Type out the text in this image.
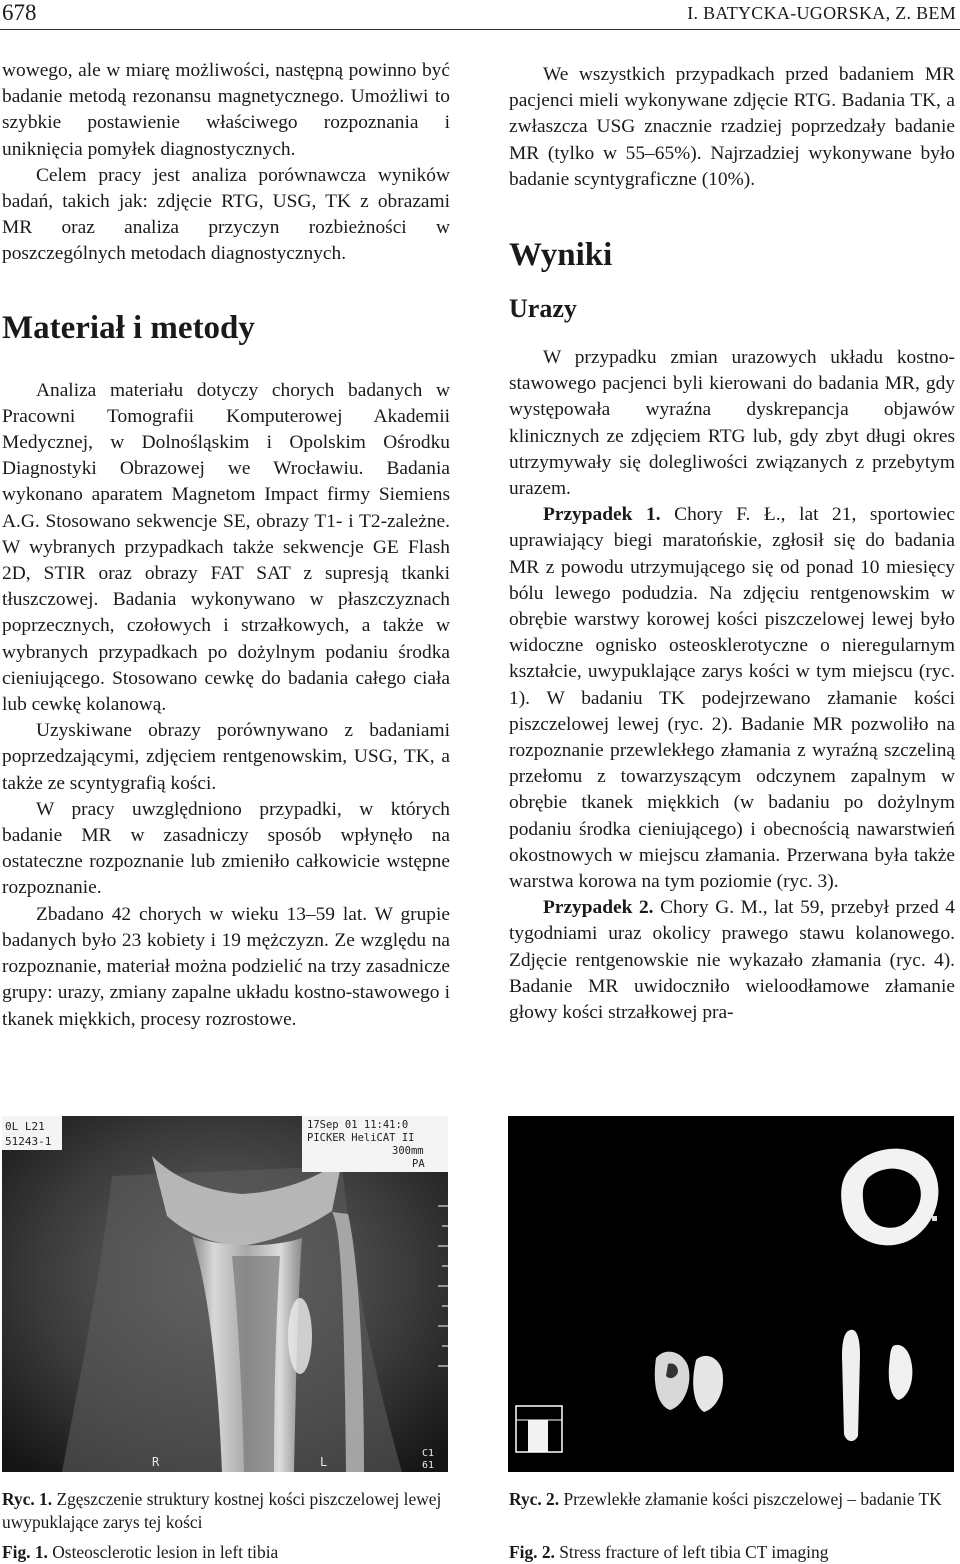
678	I. BATYCKA-UGORSKA, Z. BEM

wowego, ale w miarę możliwości, następną powinno być badanie metodą rezonansu magnetycznego. Umożliwi to szybkie postawienie właściwego rozpoznania i uniknięcia pomyłek diagnostycznych.

Celem pracy jest analiza porównawcza wyników badań, takich jak: zdjęcie RTG, USG, TK z obrazami MR oraz analiza przyczyn rozbieżności w poszczególnych metodach diagnostycznych.

Materiał i metody

Analiza materiału dotyczy chorych badanych w Pracowni Tomografii Komputerowej Akademii Medycznej, w Dolnośląskim i Opolskim Ośrodku Diagnostyki Obrazowej we Wrocławiu. Badania wykonano aparatem Magnetom Impact firmy Siemiens A.G. Stosowano sekwencje SE, obrazy T1- i T2-zależne. W wybranych przypadkach także sekwencje GE Flash 2D, STIR oraz obrazy FAT SAT z supresją tkanki tłuszczowej. Badania wykonywano w płaszczyznach poprzecznych, czołowych i strzałkowych, a także w wybranych przypadkach po dożylnym podaniu środka cieniującego. Stosowano cewkę do badania całego ciała lub cewkę kolanową.

Uzyskiwane obrazy porównywano z badaniami poprzedzającymi, zdjęciem rentgenowskim, USG, TK, a także ze scyntygrafią kości.

W pracy uwzględniono przypadki, w których badanie MR w zasadniczy sposób wpłynęło na ostateczne rozpoznanie lub zmieniło całkowicie wstępne rozpoznanie.

Zbadano 42 chorych w wieku 13–59 lat. W grupie badanych było 23 kobiety i 19 mężczyzn. Ze względu na rozpoznanie, materiał można podzielić na trzy zasadnicze grupy: urazy, zmiany zapalne układu kostno-stawowego i tkanek miękkich, procesy rozrostowe.

We wszystkich przypadkach przed badaniem MR pacjenci mieli wykonywane zdjęcie RTG. Badania TK, a zwłaszcza USG znacznie rzadziej poprzedzały badanie MR (tylko w 55–65%). Najrzadziej wykonywane było badanie scyntygraficzne (10%).

Wyniki
Urazy

W przypadku zmian urazowych układu kostno-stawowego pacjenci byli kierowani do badania MR, gdy występowała wyraźna dyskrepancja objawów klinicznych ze zdjęciem RTG lub, gdy zbyt długi okres utrzymywały się dolegliwości związanych z przebytym urazem.

Przypadek 1. Chory F. Ł., lat 21, sportowiec uprawiający biegi maratońskie, zgłosił się do badania MR z powodu utrzymującego się od ponad 10 miesięcy bólu lewego podudzia. Na zdjęciu rentgenowskim w obrębie warstwy korowej kości piszczelowej lewej było widoczne ognisko osteosklerotyczne o nieregularnym kształcie, uwypuklające zarys kości w tym miejscu (ryc. 1). W badaniu TK podejrzewano złamanie kości piszczelowej lewej (ryc. 2). Badanie MR pozwoliło na rozpoznanie przewlekłego złamania z wyraźną szczeliną przełomu z towarzyszącym odczynem zapalnym w obrębie tkanek miękkich (w badaniu po dożylnym podaniu środka cieniującego) i obecnością nawarstwień okostnowych w miejscu złamania. Przerwana była także warstwa korowa na tym poziomie (ryc. 3).

Przypadek 2. Chory G. M., lat 59, przebył przed 4 tygodniami uraz okolicy prawego stawu kolanowego. Zdjęcie rentgenowskie nie wykazało złamania (ryc. 4). Badanie MR uwidoczniło wieloodłamowe złamanie głowy kości strzałkowej pra-

0L L21
51243-1
17Sep 01 11:41:0
PICKER HeliCAT II
300mm
PA
R	L
C1
61
Ryc. 1. Zgęszczenie struktury kostnej kości piszczelowej lewej uwypuklające zarys tej kości
Fig. 1. Osteosclerotic lesion in left tibia
Ryc. 2. Przewlekłe złamanie kości piszczelowej – badanie TK
Fig. 2. Stress fracture of left tibia CT imaging
